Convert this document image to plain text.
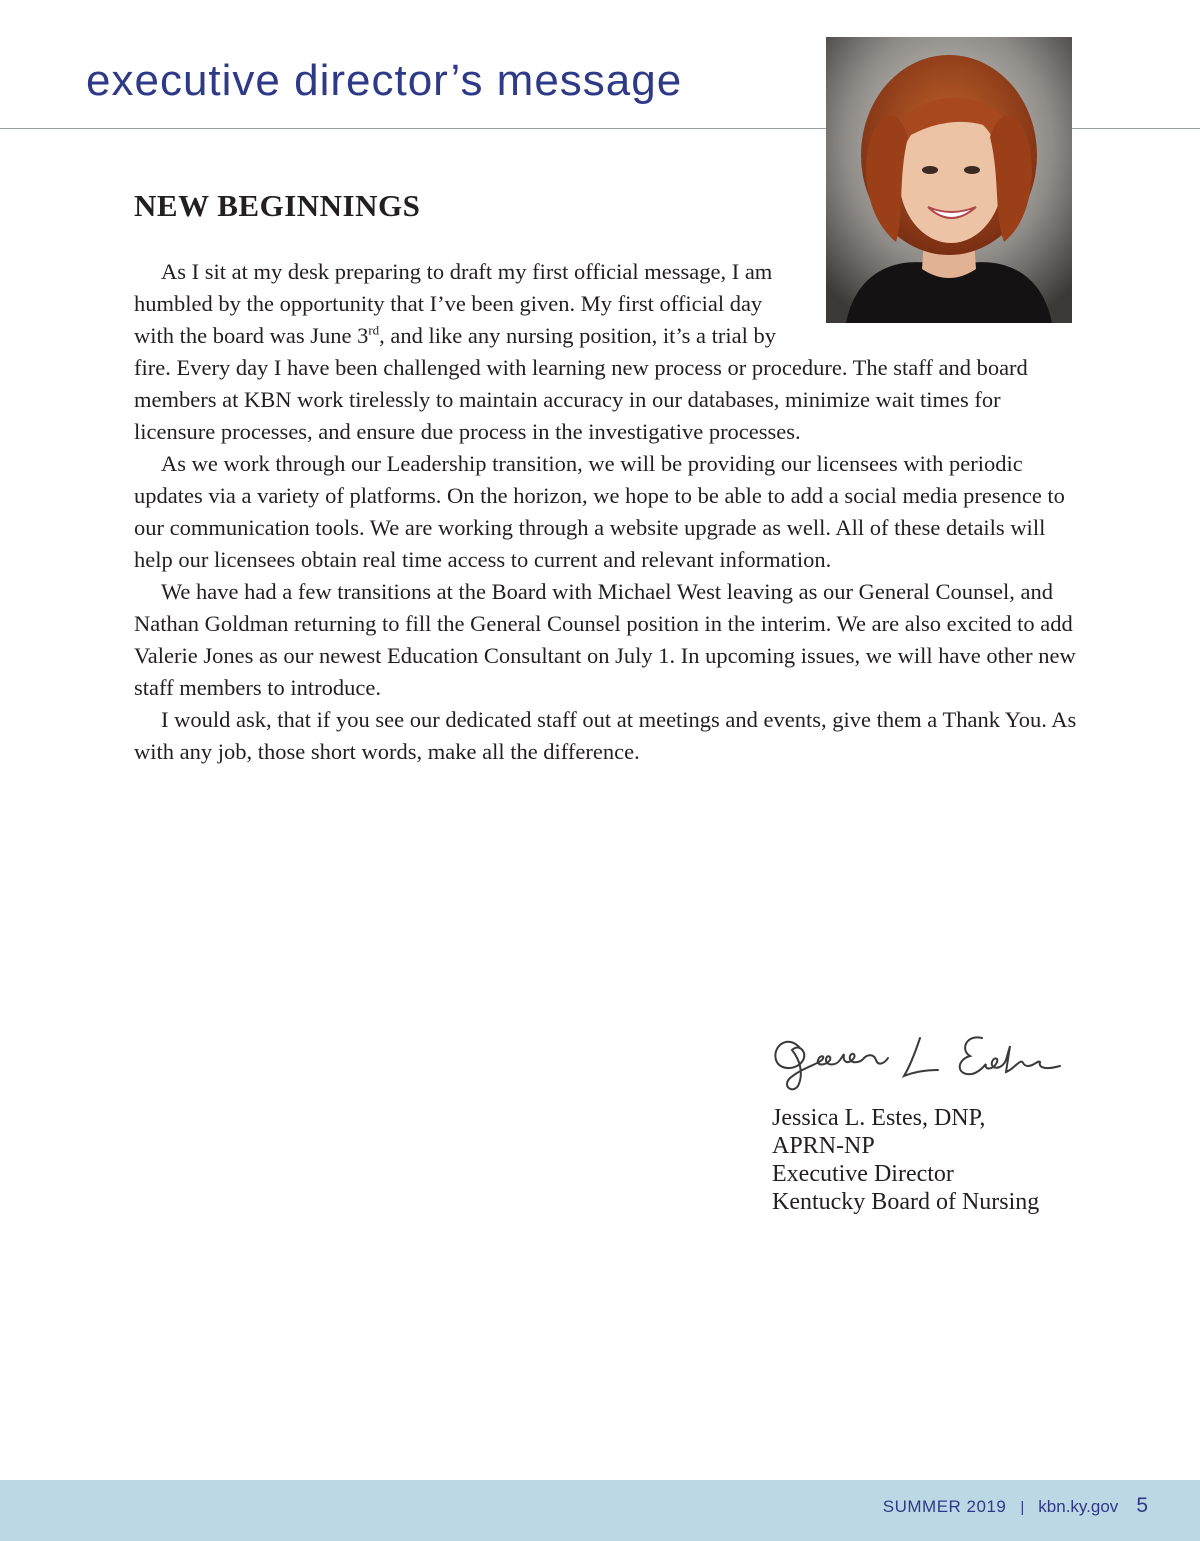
executive director’s message
NEW BEGINNINGS

As I sit at my desk preparing to draft my first official message, I am humbled by the opportunity that I’ve been given. My first official day with the board was June 3rd, and like any nursing position, it’s a trial by fire. Every day I have been challenged with learning new process or procedure. The staff and board members at KBN work tirelessly to maintain accuracy in our databases, minimize wait times for licensure processes, and ensure due process in the investigative processes.

As we work through our Leadership transition, we will be providing our licensees with periodic updates via a variety of platforms. On the horizon, we hope to be able to add a social media presence to our communication tools. We are working through a website upgrade as well. All of these details will help our licensees obtain real time access to current and relevant information.

We have had a few transitions at the Board with Michael West leaving as our General Counsel, and Nathan Goldman returning to fill the General Counsel position in the interim. We are also excited to add Valerie Jones as our newest Education Consultant on July 1. In upcoming issues, we will have other new staff members to introduce.

I would ask, that if you see our dedicated staff out at meetings and events, give them a Thank You. As with any job, those short words, make all the difference.

Jessica L. Estes, DNP,
APRN-NP
Executive Director
Kentucky Board of Nursing
SUMMER 2019 | kbn.ky.gov 5
